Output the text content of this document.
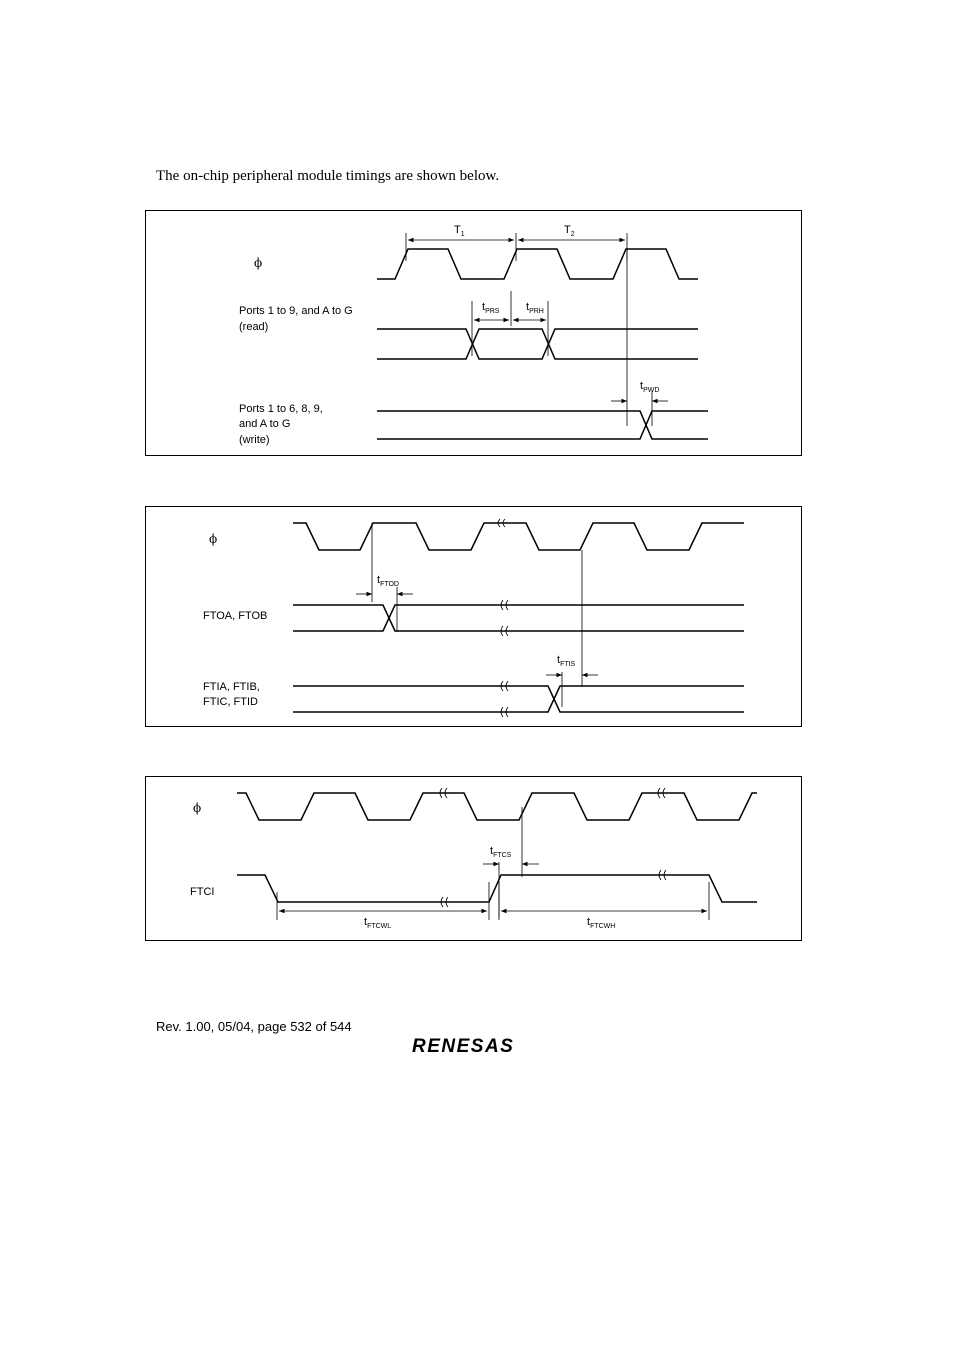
The on-chip peripheral module timings are shown below.
ϕ
$T_1$	$T_2$
Ports 1 to 9, and A to G
(read)
$t_{PRS}$ $t_{PRH}$
$t_{PWD}$
Ports 1 to 6, 8, 9,
and A to G
(write)
ϕ
$t_{FTOD}$
FTOA, FTOB
$t_{FTIS}$
FTIA, FTIB,
FTIC, FTID
ϕ
$t_{FTCS}$
FTCI
$t_{FTCWL}$	$t_{FTCWH}$
Rev. 1.00, 05/04, page 532 of 544
RENESAS
